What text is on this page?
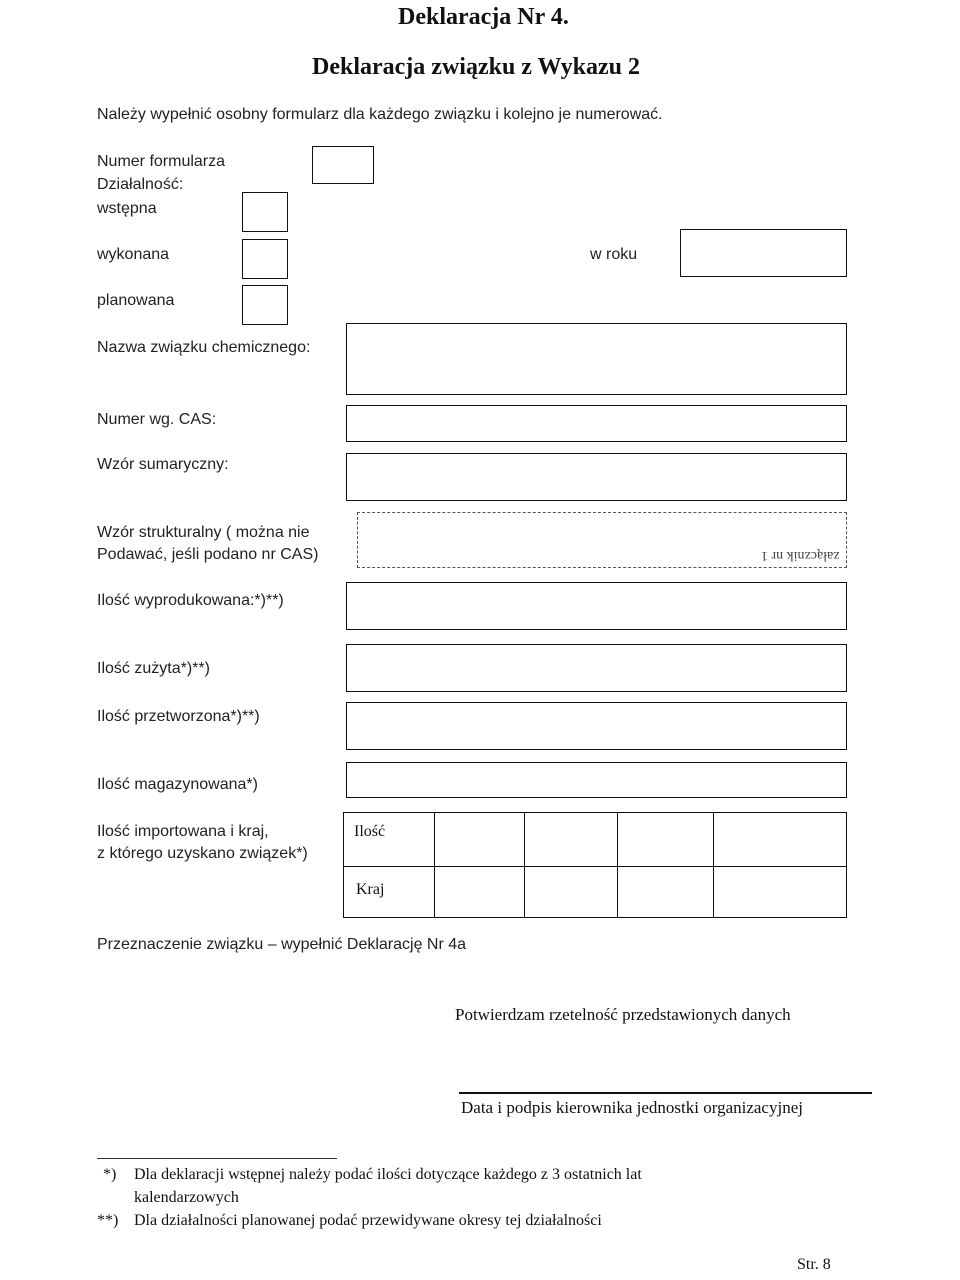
Deklaracja Nr 4.
Deklaracja związku z Wykazu 2
Należy wypełnić osobny formularz dla każdego związku i kolejno je numerować.
Numer formularza
Działalność:
wstępna
wykonana	w roku
planowana
Nazwa związku chemicznego:
Numer wg. CAS:
Wzór sumaryczny:
Wzór strukturalny ( można nie
Podawać, jeśli podano nr CAS)	załącznik nr 1
Ilość wyprodukowana:*)**)
Ilość zużyta*)**)
Ilość przetworzona*)**)
Ilość magazynowana*)
Ilość importowana i kraj,
z którego uzyskano związek*)
Ilość
Kraj
Przeznaczenie związku – wypełnić Deklarację Nr 4a
Potwierdzam rzetelność przedstawionych danych
Data i podpis kierownika jednostki organizacyjnej
*) Dla deklaracji wstępnej należy podać ilości dotyczące każdego z 3 ostatnich lat
kalendarzowych
**) Dla działalności planowanej podać przewidywane okresy tej działalności
Str. 8
